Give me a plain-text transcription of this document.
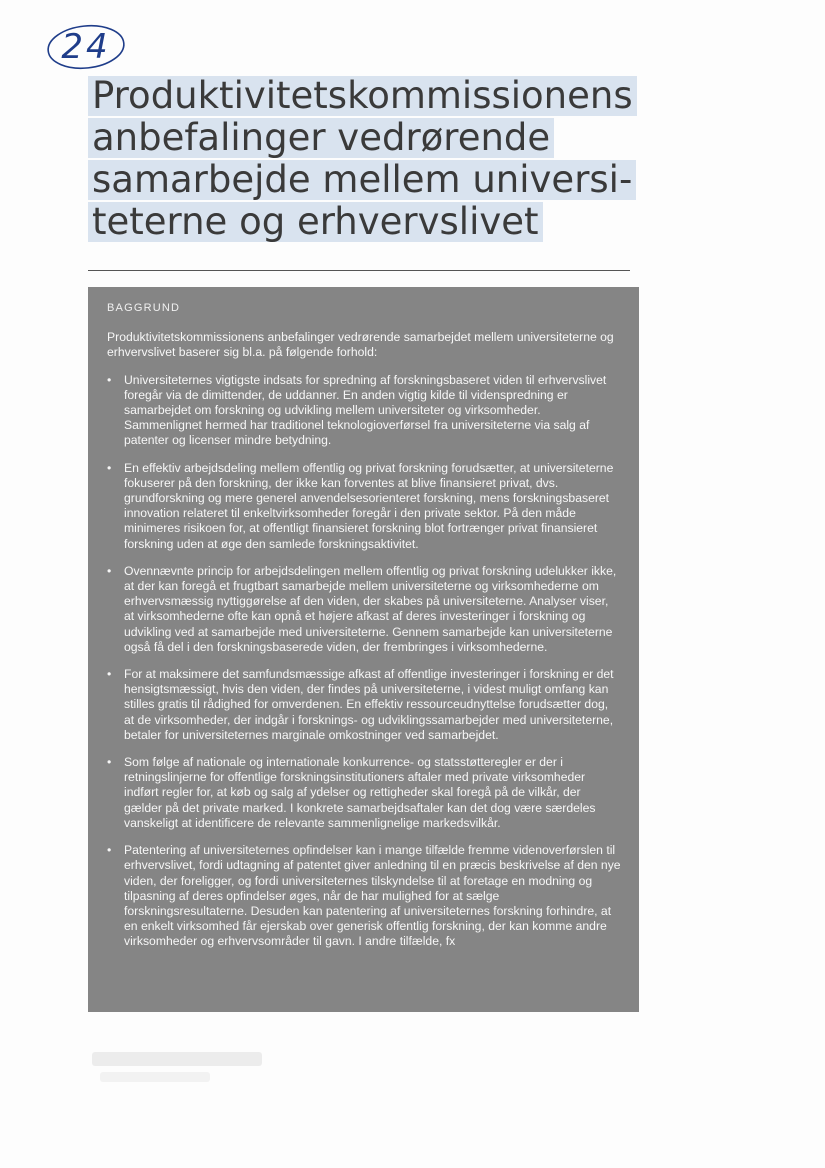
24
Produktivitetskommissionens
anbefalinger vedrørende
samarbejde mellem universi-
teterne og erhvervslivet
BAGGRUND

Produktivitetskommissionens anbefalinger vedrørende samarbejdet mellem universiteterne og erhvervslivet baserer sig bl.a. på følgende forhold:

• Universiteternes vigtigste indsats for spredning af forskningsbaseret viden til erhvervslivet foregår via de dimittender, de uddanner. En anden vigtig kilde til videnspredning er samarbejdet om forskning og udvikling mellem universiteter og virksomheder. Sammenlignet hermed har traditionel teknologioverførsel fra universiteterne via salg af patenter og licenser mindre betydning.
• En effektiv arbejdsdeling mellem offentlig og privat forskning forudsætter, at universiteterne fokuserer på den forskning, der ikke kan forventes at blive finansieret privat, dvs. grundforskning og mere generel anvendelsesorienteret forskning, mens forskningsbaseret innovation relateret til enkeltvirksomheder foregår i den private sektor. På den måde minimeres risikoen for, at offentligt finansieret forskning blot fortrænger privat finansieret forskning uden at øge den samlede forskningsaktivitet.
• Ovennævnte princip for arbejdsdelingen mellem offentlig og privat forskning udelukker ikke, at der kan foregå et frugtbart samarbejde mellem universiteterne og virksomhederne om erhvervsmæssig nyttiggørelse af den viden, der skabes på universiteterne. Analyser viser, at virksomhederne ofte kan opnå et højere afkast af deres investeringer i forskning og udvikling ved at samarbejde med universiteterne. Gennem samarbejde kan universiteterne også få del i den forskningsbaserede viden, der frembringes i virksomhederne.
• For at maksimere det samfundsmæssige afkast af offentlige investeringer i forskning er det hensigtsmæssigt, hvis den viden, der findes på universiteterne, i videst muligt omfang kan stilles gratis til rådighed for omverdenen. En effektiv ressourceudnyttelse forudsætter dog, at de virksomheder, der indgår i forsknings- og udviklingssamarbejder med universiteterne, betaler for universiteternes marginale omkostninger ved samarbejdet.
• Som følge af nationale og internationale konkurrence- og statsstøtteregler er der i retningslinjerne for offentlige forskningsinstitutioners aftaler med private virksomheder indført regler for, at køb og salg af ydelser og rettigheder skal foregå på de vilkår, der gælder på det private marked. I konkrete samarbejdsaftaler kan det dog være særdeles vanskeligt at identificere de relevante sammenlignelige markedsvilkår.
• Patentering af universiteternes opfindelser kan i mange tilfælde fremme videnoverførslen til erhvervslivet, fordi udtagning af patentet giver anledning til en præcis beskrivelse af den nye viden, der foreligger, og fordi universiteternes tilskyndelse til at foretage en modning og tilpasning af deres opfindelser øges, når de har mulighed for at sælge forskningsresultaterne. Desuden kan patentering af universiteternes forskning forhindre, at en enkelt virksomhed får ejerskab over generisk offentlig forskning, der kan komme andre virksomheder og erhvervsområder til gavn. I andre tilfælde, fx
